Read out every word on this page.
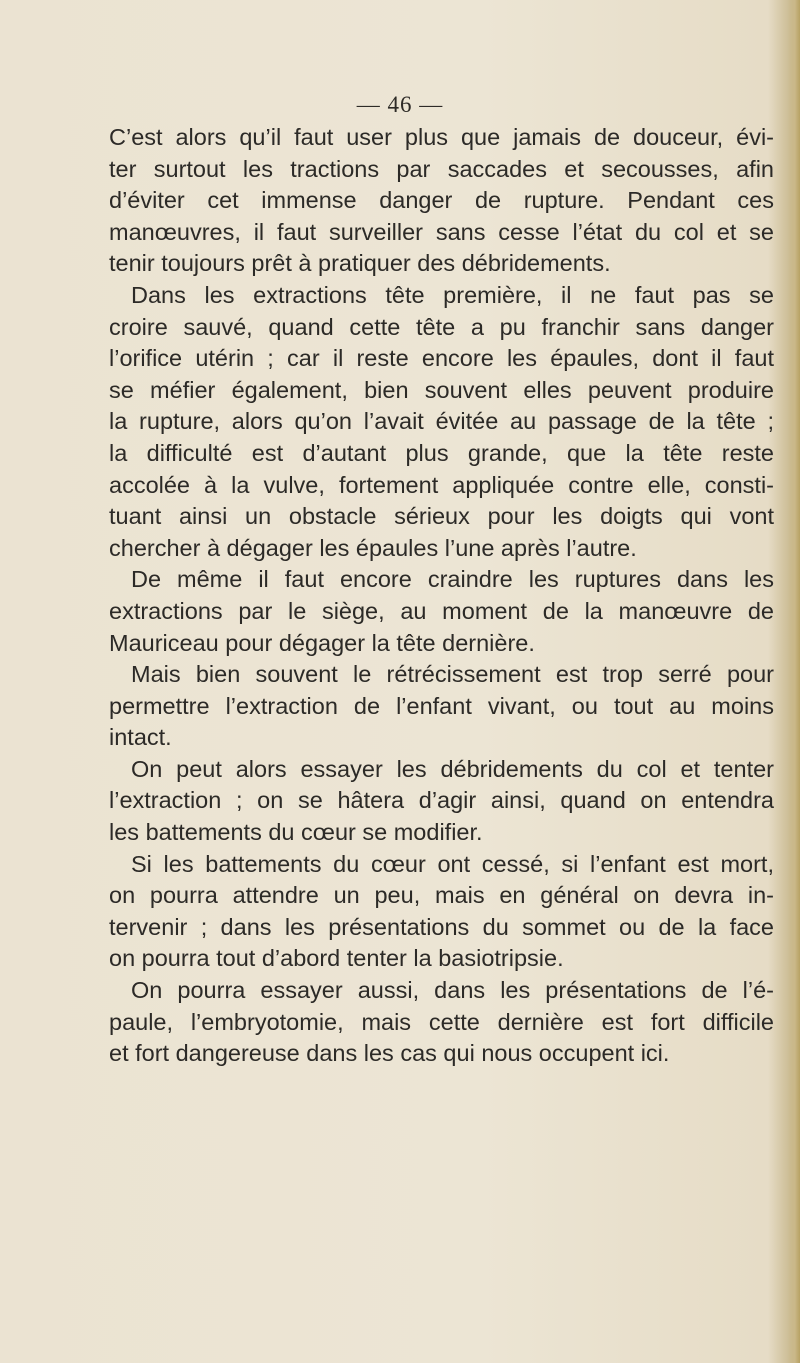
— 46 —
C’est alors qu’il faut user plus que jamais de douceur, évi-
ter surtout les tractions par saccades et secousses, afin
d’éviter cet immense danger de rupture. Pendant ces
manœuvres, il faut surveiller sans cesse l’état du col et se
tenir toujours prêt à pratiquer des débridements.
Dans les extractions tête première, il ne faut pas se
croire sauvé, quand cette tête a pu franchir sans danger
l’orifice utérin ; car il reste encore les épaules, dont il faut
se méfier également, bien souvent elles peuvent produire
la rupture, alors qu’on l’avait évitée au passage de la tête ;
la difficulté est d’autant plus grande, que la tête reste
accolée à la vulve, fortement appliquée contre elle, consti-
tuant ainsi un obstacle sérieux pour les doigts qui vont
chercher à dégager les épaules l’une après l’autre.
De même il faut encore craindre les ruptures dans les
extractions par le siège, au moment de la manœuvre de
Mauriceau pour dégager la tête dernière.
Mais bien souvent le rétrécissement est trop serré pour
permettre l’extraction de l’enfant vivant, ou tout au moins
intact.
On peut alors essayer les débridements du col et tenter
l’extraction ; on se hâtera d’agir ainsi, quand on entendra
les battements du cœur se modifier.
Si les battements du cœur ont cessé, si l’enfant est mort,
on pourra attendre un peu, mais en général on devra in-
tervenir ; dans les présentations du sommet ou de la face
on pourra tout d’abord tenter la basiotripsie.
On pourra essayer aussi, dans les présentations de l’é-
paule, l’embryotomie, mais cette dernière est fort difficile
et fort dangereuse dans les cas qui nous occupent ici.
